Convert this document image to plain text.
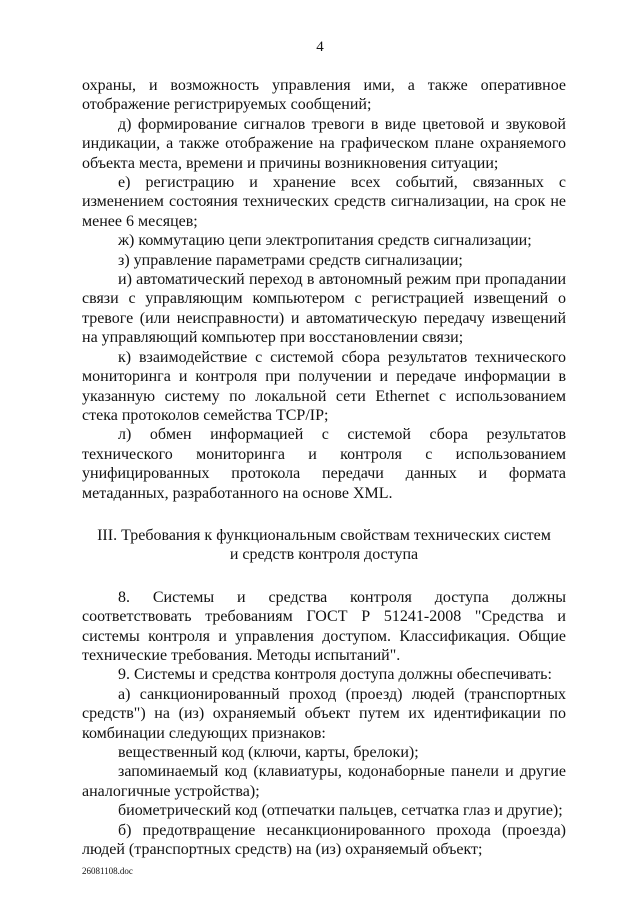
4

охраны, и возможность управления ими, а также оперативное отображение регистрируемых сообщений;

д) формирование сигналов тревоги в виде цветовой и звуковой индикации, а также отображение на графическом плане охраняемого объекта места, времени и причины возникновения ситуации;

е) регистрацию и хранение всех событий, связанных с изменением состояния технических средств сигнализации, на срок не менее 6 месяцев;

ж) коммутацию цепи электропитания средств сигнализации;

з) управление параметрами средств сигнализации;

и) автоматический переход в автономный режим при пропадании связи с управляющим компьютером с регистрацией извещений о тревоге (или неисправности) и автоматическую передачу извещений на управляющий компьютер при восстановлении связи;

к) взаимодействие с системой сбора результатов технического мониторинга и контроля при получении и передаче информации в указанную систему по локальной сети Ethernet с использованием стека протоколов семейства TCP/IP;

л) обмен информацией с системой сбора результатов технического мониторинга и контроля с использованием унифицированных протокола передачи данных и формата метаданных, разработанного на основе XML.

III. Требования к функциональным свойствам технических систем
и средств контроля доступа

8. Системы и средства контроля доступа должны соответствовать требованиям ГОСТ Р 51241-2008 "Средства и системы контроля и управления доступом. Классификация. Общие технические требования. Методы испытаний".

9. Системы и средства контроля доступа должны обеспечивать:

а) санкционированный проход (проезд) людей (транспортных средств") на (из) охраняемый объект путем их идентификации по комбинации следующих признаков:

вещественный код (ключи, карты, брелоки);

запоминаемый код (клавиатуры, кодонаборные панели и другие аналогичные устройства);

биометрический код (отпечатки пальцев, сетчатка глаз и другие);

б) предотвращение несанкционированного прохода (проезда) людей (транспортных средств) на (из) охраняемый объект;

26081108.doc
